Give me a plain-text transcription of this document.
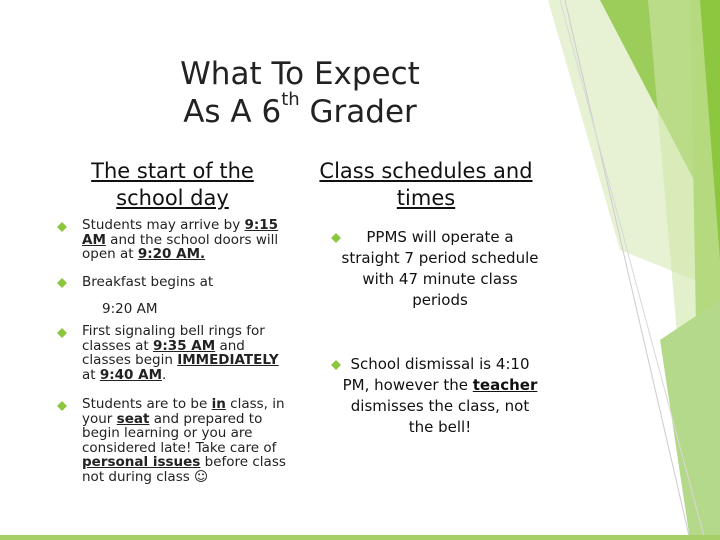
What To Expect
As A 6th Grader
The start of the
school day
Class schedules and
times
Students may arrive by 9:15 AM and the school doors will open at 9:20 AM.
Breakfast begins at
9:20 AM
First signaling bell rings for classes at 9:35 AM and classes begin IMMEDIATELY at 9:40 AM.
Students are to be in class, in your seat and prepared to begin learning or you are considered late! Take care of personal issues before class not during class ☺
PPMS will operate a straight 7 period schedule with 47 minute class periods
School dismissal is 4:10 PM, however the teacher dismisses the class, not the bell!
